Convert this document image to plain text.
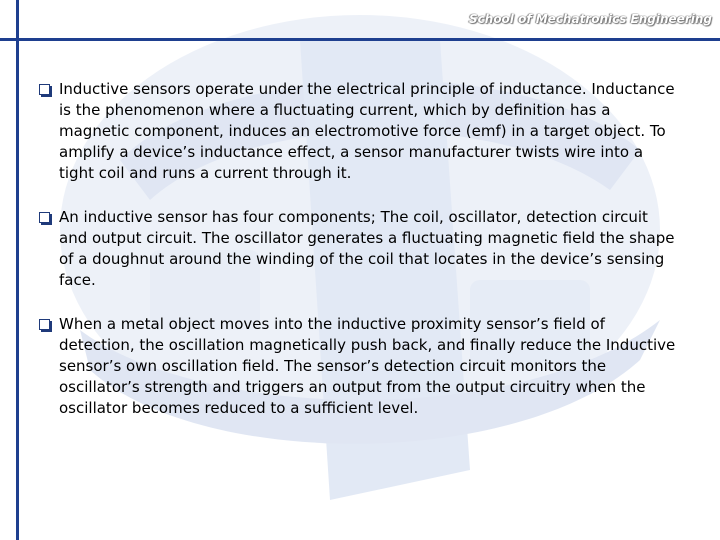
School of Mechatronics Engineering

Inductive sensors operate under the electrical principle of inductance. Inductance is the phenomenon where a fluctuating current, which by definition has a magnetic component, induces an electromotive force (emf) in a target object. To amplify a device’s inductance effect, a sensor manufacturer twists wire into a tight coil and runs a current through it.

An inductive sensor has four components; The coil, oscillator, detection circuit and output circuit. The oscillator generates a fluctuating magnetic field the shape of a doughnut around the winding of the coil that locates in the device’s sensing face.

When a metal object moves into the inductive proximity sensor’s field of detection, the oscillation magnetically push back, and finally reduce the Inductive sensor’s own oscillation field. The sensor’s detection circuit monitors the oscillator’s strength and triggers an output from the output circuitry when the oscillator becomes reduced to a sufficient level.
